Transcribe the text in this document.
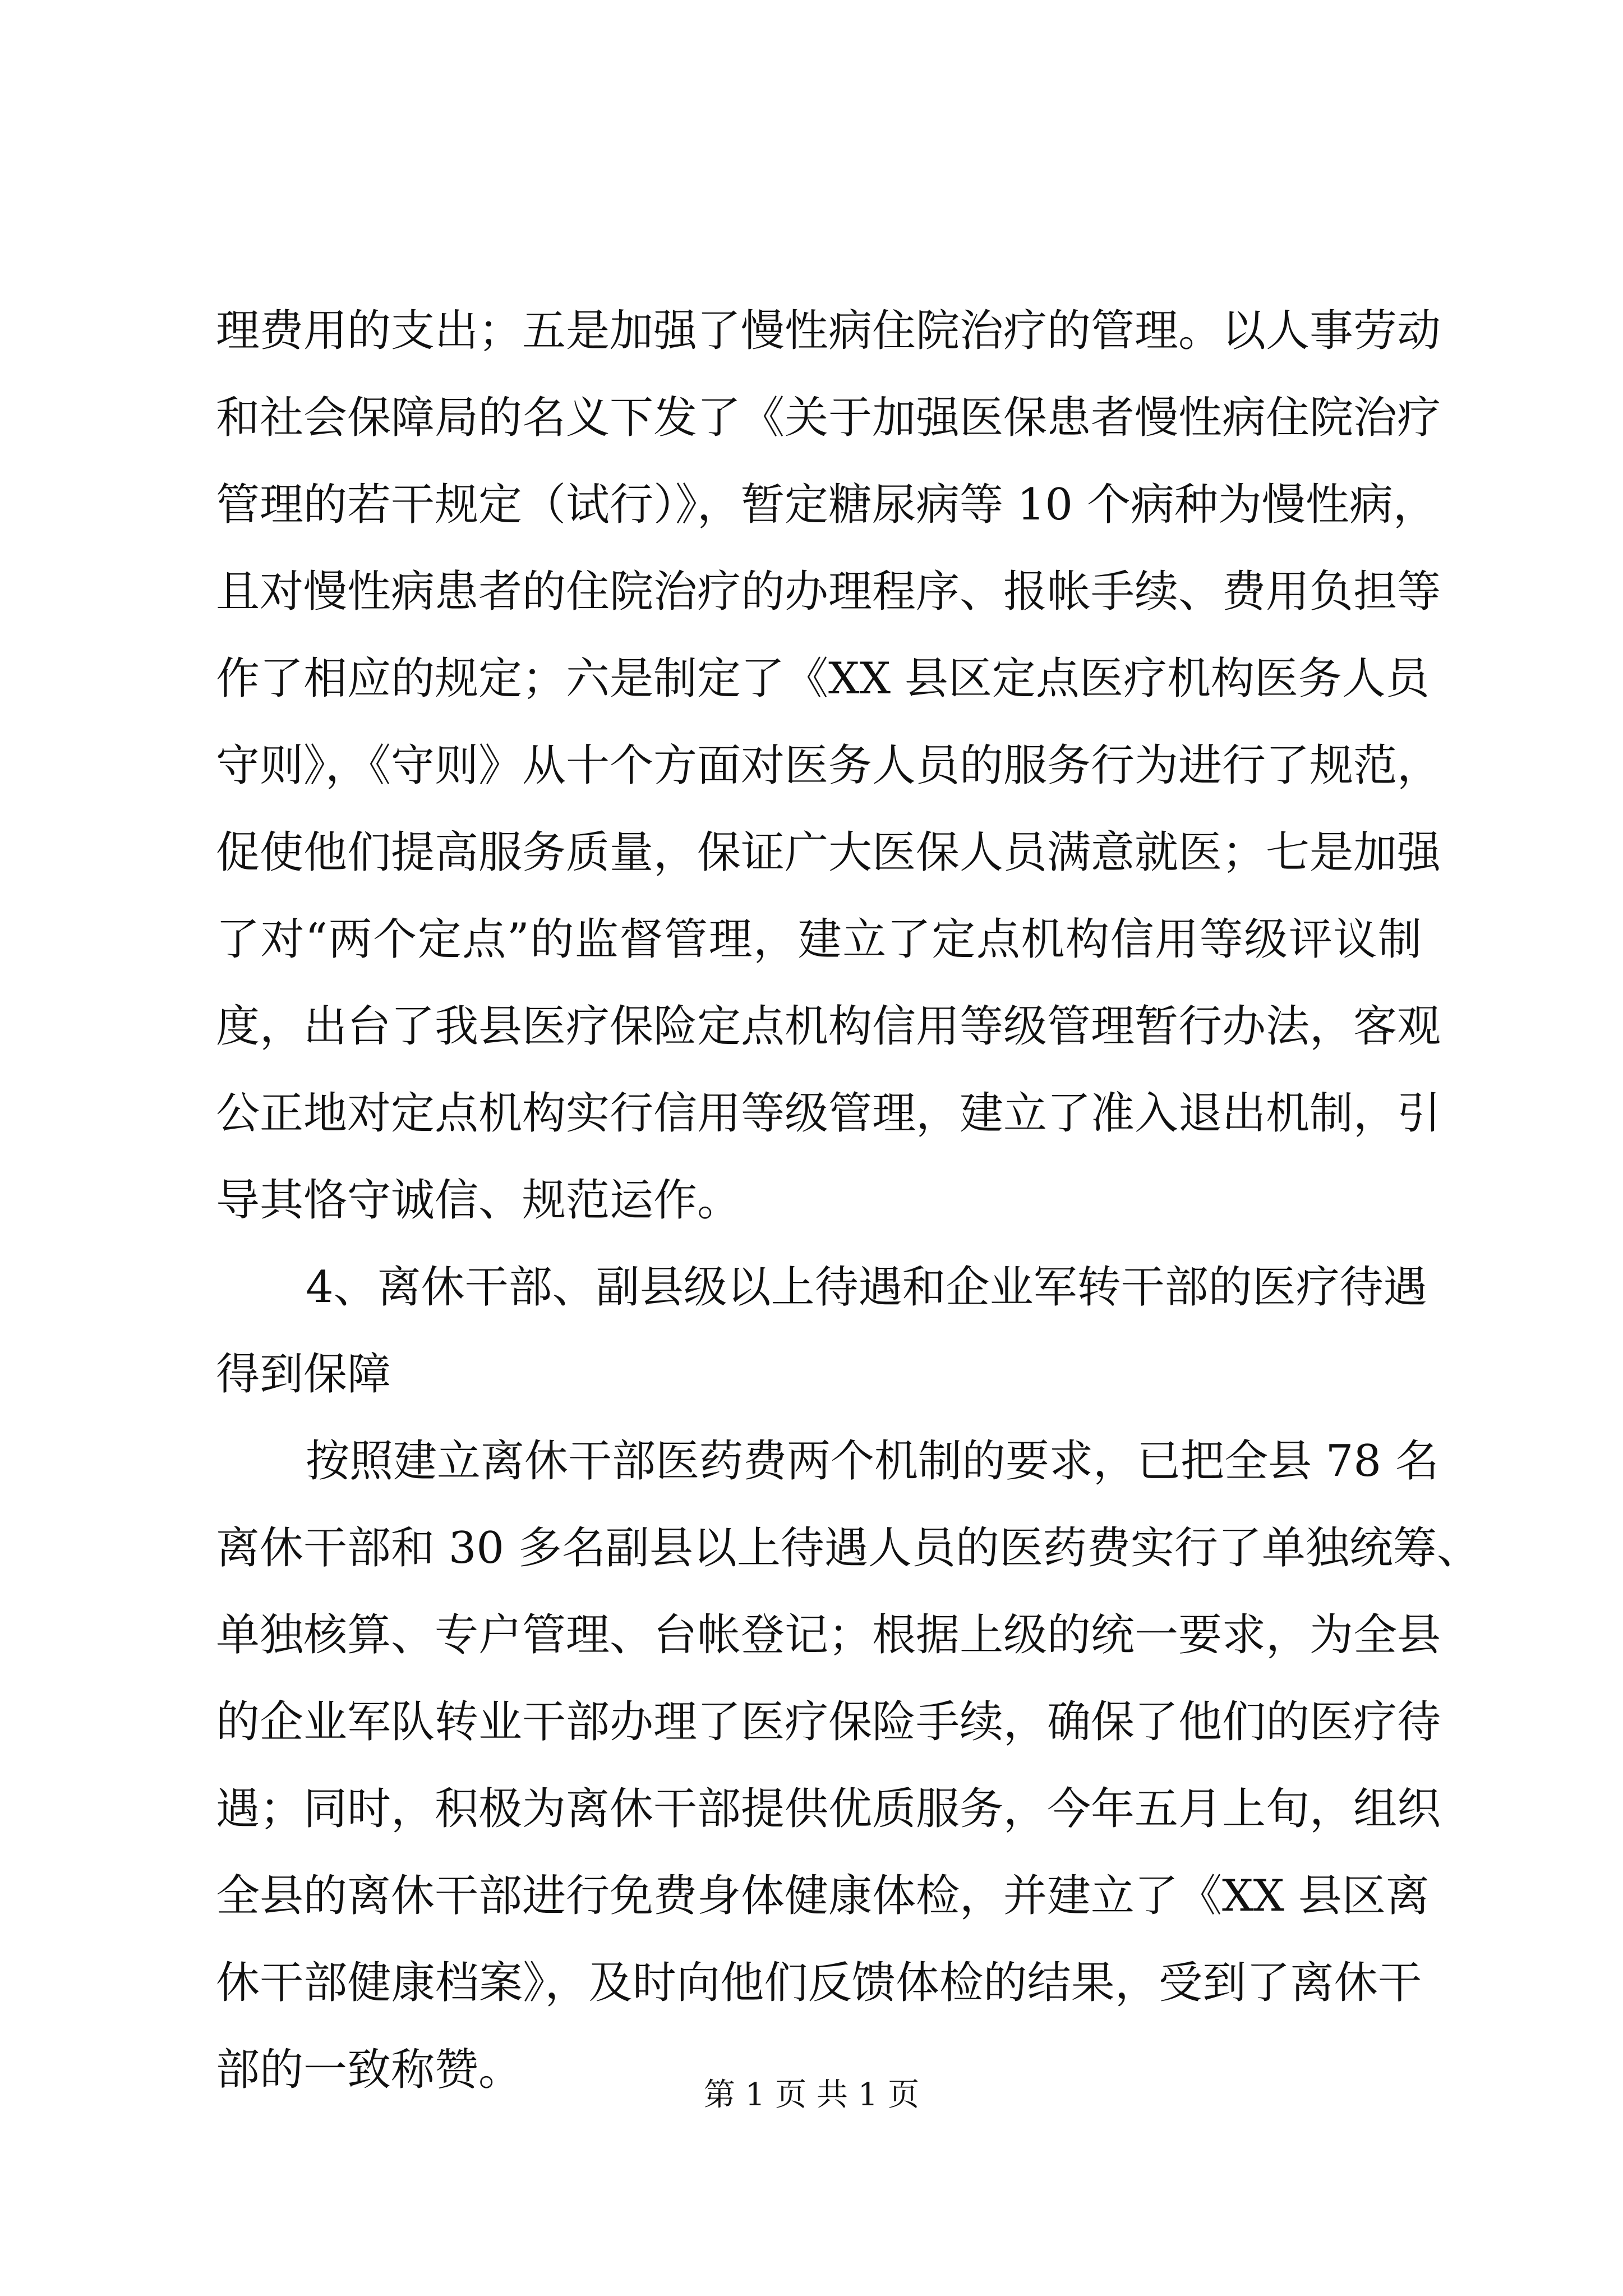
理费用的支出；五是加强了慢性病住院治疗的管理。以人事劳动
和社会保障局的名义下发了《关于加强医保患者慢性病住院治疗
管理的若干规定（试行）》，暂定糖尿病等 10 个病种为慢性病，
且对慢性病患者的住院治疗的办理程序、报帐手续、费用负担等
作了相应的规定；六是制定了《XX 县区定点医疗机构医务人员
守则》，《守则》从十个方面对医务人员的服务行为进行了规范，
促使他们提高服务质量，保证广大医保人员满意就医；七是加强
了对“两个定点”的监督管理，建立了定点机构信用等级评议制
度，出台了我县医疗保险定点机构信用等级管理暂行办法，客观
公正地对定点机构实行信用等级管理，建立了准入退出机制，引
导其恪守诚信、规范运作。
4、离休干部、副县级以上待遇和企业军转干部的医疗待遇
得到保障
按照建立离休干部医药费两个机制的要求，已把全县 78 名
离休干部和 30 多名副县以上待遇人员的医药费实行了单独统筹、
单独核算、专户管理、台帐登记；根据上级的统一要求，为全县
的企业军队转业干部办理了医疗保险手续，确保了他们的医疗待
遇；同时，积极为离休干部提供优质服务，今年五月上旬，组织
全县的离休干部进行免费身体健康体检，并建立了《XX 县区离
休干部健康档案》，及时向他们反馈体检的结果，受到了离休干
部的一致称赞。	第 1 页 共 1 页
